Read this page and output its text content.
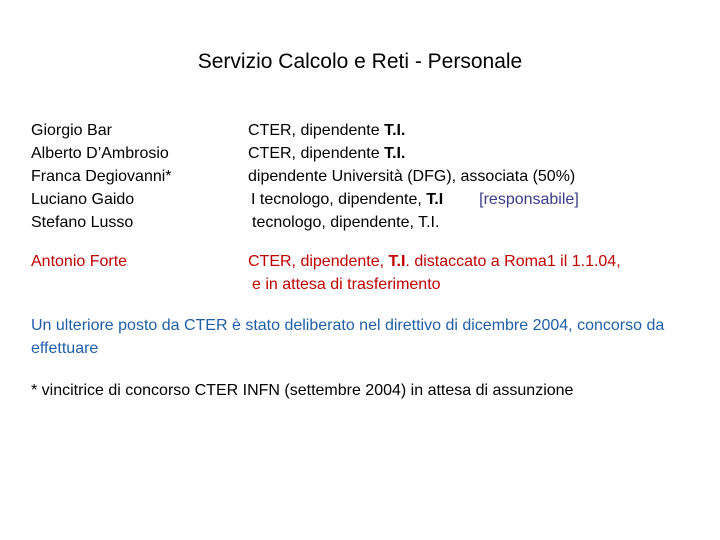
Servizio Calcolo e Reti - Personale
Giorgio Bar
Alberto D’Ambrosio
Franca Degiovanni*
Luciano Gaido
Stefano Lusso
CTER, dipendente T.I.
CTER, dipendente T.I.
dipendente Università (DFG), associata (50%)
I tecnologo, dipendente, T.I [responsabile]
tecnologo, dipendente, T.I.
Antonio Forte	CTER, dipendente, T.I. distaccato a Roma1 il 1.1.04,
e in attesa di trasferimento
Un ulteriore posto da CTER è stato deliberato nel direttivo di dicembre 2004, concorso da effettuare
* vincitrice di concorso CTER INFN (settembre 2004) in attesa di assunzione
